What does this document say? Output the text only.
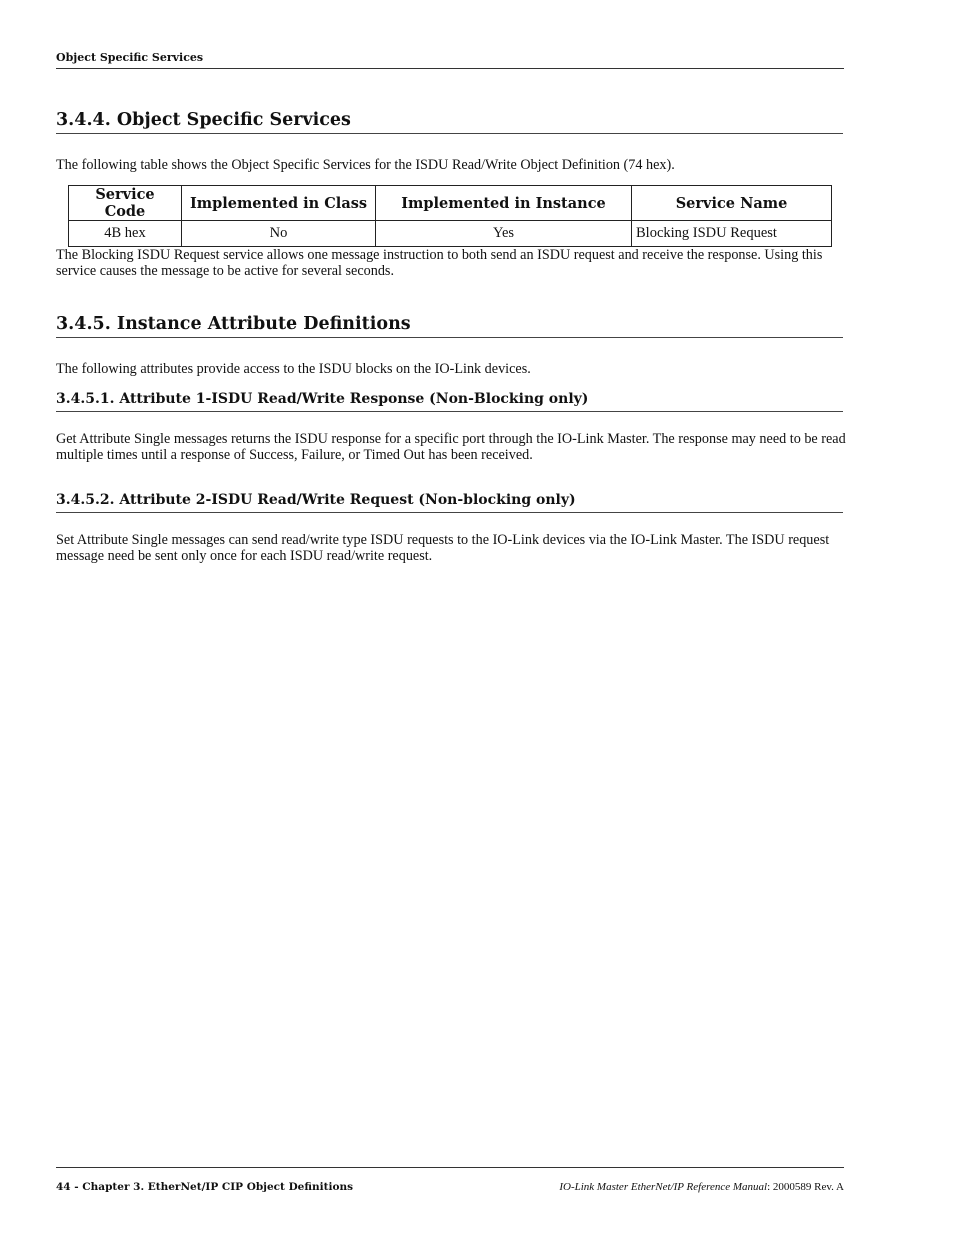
Object Specific Services
3.4.4. Object Specific Services
The following table shows the Object Specific Services for the ISDU Read/Write Object Definition (74 hex).
Service Code	Implemented in Class	Implemented in Instance	Service Name
4B hex	No	Yes	Blocking ISDU Request
The Blocking ISDU Request service allows one message instruction to both send an ISDU request and receive the response. Using this service causes the message to be active for several seconds.
3.4.5. Instance Attribute Definitions
The following attributes provide access to the ISDU blocks on the IO-Link devices.
3.4.5.1. Attribute 1-ISDU Read/Write Response (Non-Blocking only)
Get Attribute Single messages returns the ISDU response for a specific port through the IO-Link Master. The response may need to be read multiple times until a response of Success, Failure, or Timed Out has been received.
3.4.5.2. Attribute 2-ISDU Read/Write Request (Non-blocking only)
Set Attribute Single messages can send read/write type ISDU requests to the IO-Link devices via the IO-Link Master. The ISDU request message need be sent only once for each ISDU read/write request.
44 - Chapter 3. EtherNet/IP CIP Object Definitions	IO-Link Master EtherNet/IP Reference Manual: 2000589 Rev. A
